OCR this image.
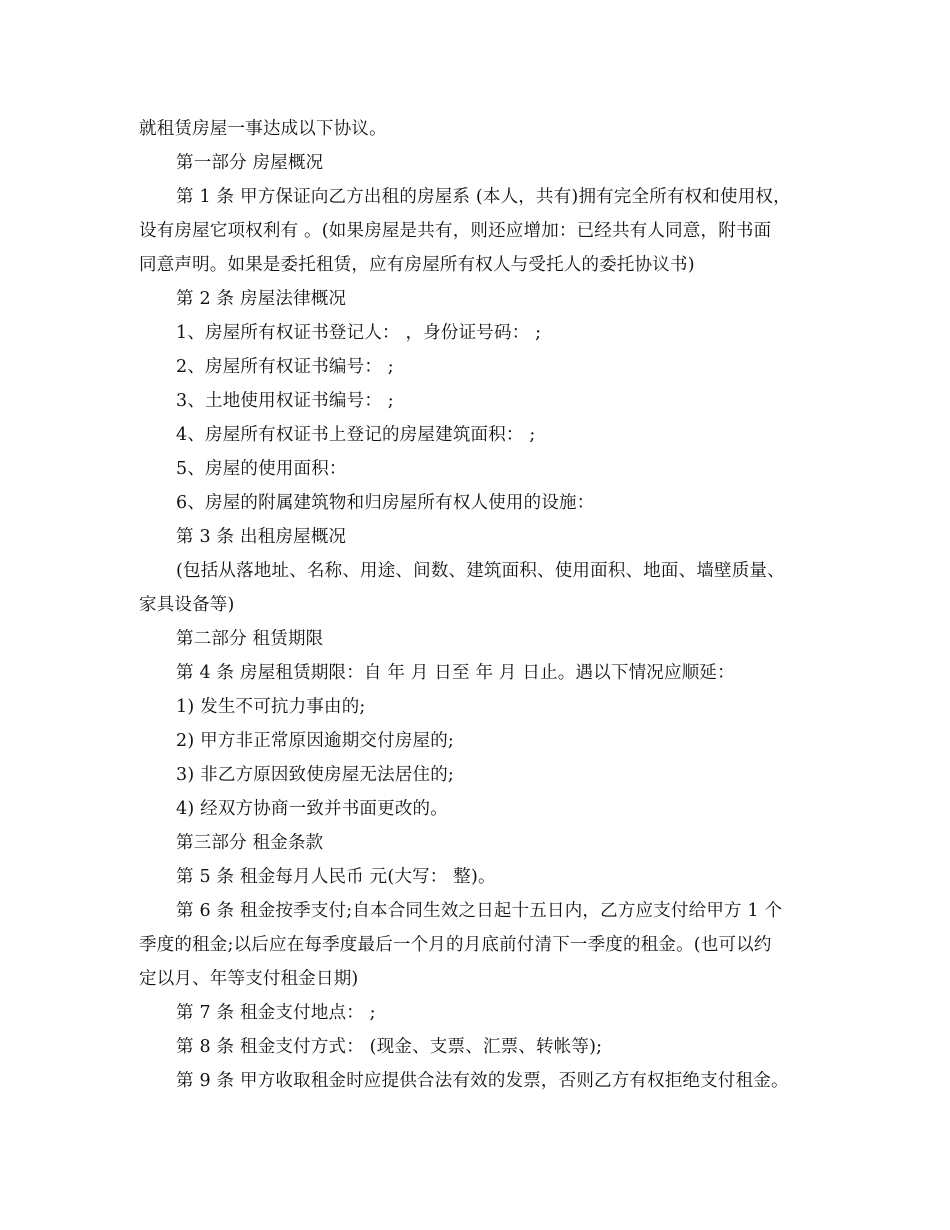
就租赁房屋一事达成以下协议。
第一部分 房屋概况
第 1 条 甲方保证向乙方出租的房屋系 (本人，共有)拥有完全所有权和使用权，
设有房屋它项权利有 。(如果房屋是共有，则还应增加：已经共有人同意，附书面
同意声明。如果是委托租赁，应有房屋所有权人与受托人的委托协议书)
第 2 条 房屋法律概况
1、房屋所有权证书登记人： ，身份证号码： ;
2、房屋所有权证书编号： ;
3、土地使用权证书编号： ;
4、房屋所有权证书上登记的房屋建筑面积： ;
5、房屋的使用面积：
6、房屋的附属建筑物和归房屋所有权人使用的设施：
第 3 条 出租房屋概况
(包括从落地址、名称、用途、间数、建筑面积、使用面积、地面、墙壁质量、
家具设备等)
第二部分 租赁期限
第 4 条 房屋租赁期限：自 年 月 日至 年 月 日止。遇以下情况应顺延：
1) 发生不可抗力事由的;
2) 甲方非正常原因逾期交付房屋的;
3) 非乙方原因致使房屋无法居住的;
4) 经双方协商一致并书面更改的。
第三部分 租金条款
第 5 条 租金每月人民币 元(大写： 整)。
第 6 条 租金按季支付;自本合同生效之日起十五日内，乙方应支付给甲方 1 个
季度的租金;以后应在每季度最后一个月的月底前付清下一季度的租金。(也可以约
定以月、年等支付租金日期)
第 7 条 租金支付地点： ;
第 8 条 租金支付方式： (现金、支票、汇票、转帐等);
第 9 条 甲方收取租金时应提供合法有效的发票，否则乙方有权拒绝支付租金。
